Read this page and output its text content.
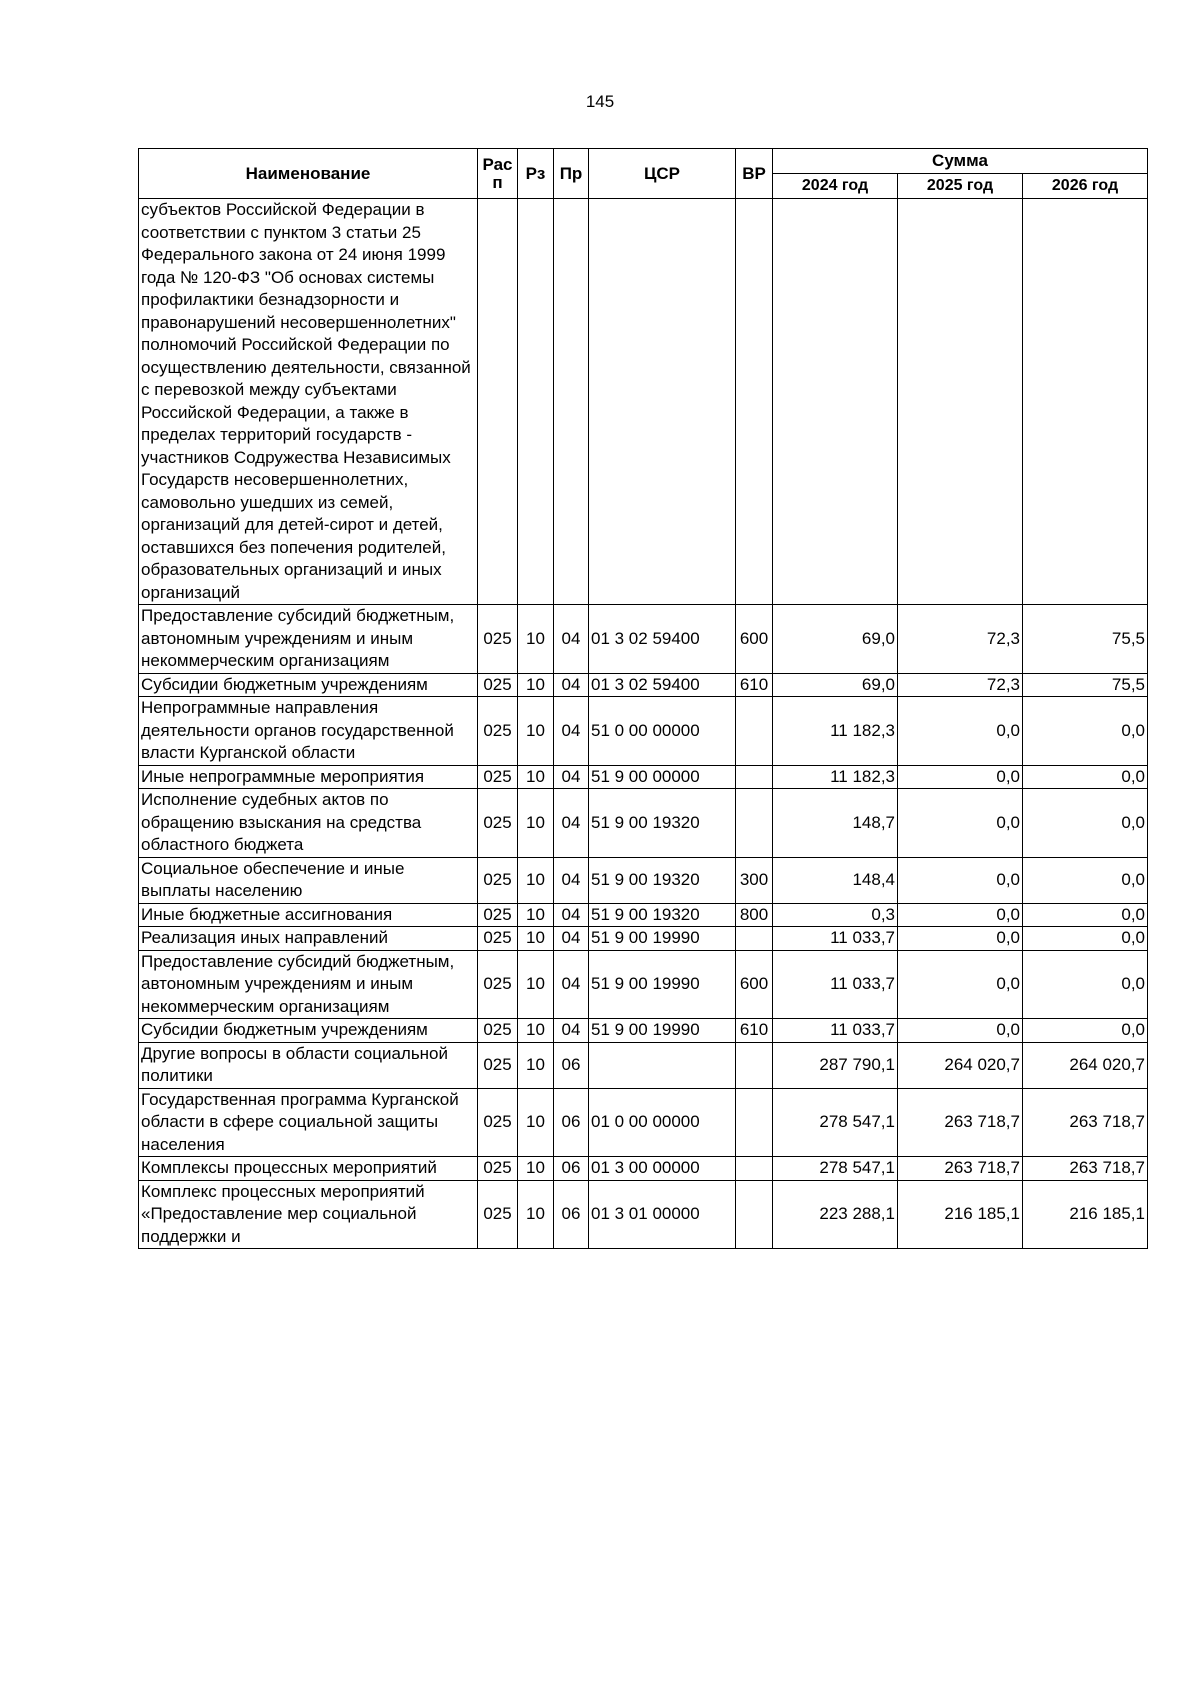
145
Наименование	Рас п	Рз	Пр	ЦСР	ВР	Сумма		
						2024 год	2025 год	2026 год
субъектов Российской Федерации в соответствии с пунктом 3 статьи 25 Федерального закона от 24 июня 1999 года № 120-ФЗ "Об основах системы профилактики безнадзорности и правонарушений несовершеннолетних" полномочий Российской Федерации по осуществлению деятельности, связанной с перевозкой между субъектами Российской Федерации, а также в пределах территорий государств - участников Содружества Независимых Государств несовершеннолетних, самовольно ушедших из семей, организаций для детей-сирот и детей, оставшихся без попечения родителей, образовательных организаций и иных организаций								
Предоставление субсидий бюджетным, автономным учреждениям и иным некоммерческим организациям	025	10	04	01 3 02 59400	600	69,0	72,3	75,5
Субсидии бюджетным учреждениям	025	10	04	01 3 02 59400	610	69,0	72,3	75,5
Непрограммные направления деятельности органов государственной власти Курганской области	025	10	04	51 0 00 00000		11 182,3	0,0	0,0
Иные непрограммные мероприятия	025	10	04	51 9 00 00000		11 182,3	0,0	0,0
Исполнение судебных актов по обращению взыскания на средства областного бюджета	025	10	04	51 9 00 19320		148,7	0,0	0,0
Социальное обеспечение и иные выплаты населению	025	10	04	51 9 00 19320	300	148,4	0,0	0,0
Иные бюджетные ассигнования	025	10	04	51 9 00 19320	800	0,3	0,0	0,0
Реализация иных направлений	025	10	04	51 9 00 19990		11 033,7	0,0	0,0
Предоставление субсидий бюджетным, автономным учреждениям и иным некоммерческим организациям	025	10	04	51 9 00 19990	600	11 033,7	0,0	0,0
Субсидии бюджетным учреждениям	025	10	04	51 9 00 19990	610	11 033,7	0,0	0,0
Другие вопросы в области социальной политики	025	10	06			287 790,1	264 020,7	264 020,7
Государственная программа Курганской области в сфере социальной защиты населения	025	10	06	01 0 00 00000		278 547,1	263 718,7	263 718,7
Комплексы процессных мероприятий	025	10	06	01 3 00 00000		278 547,1	263 718,7	263 718,7
Комплекс процессных мероприятий «Предоставление мер социальной поддержки и	025	10	06	01 3 01 00000		223 288,1	216 185,1	216 185,1
